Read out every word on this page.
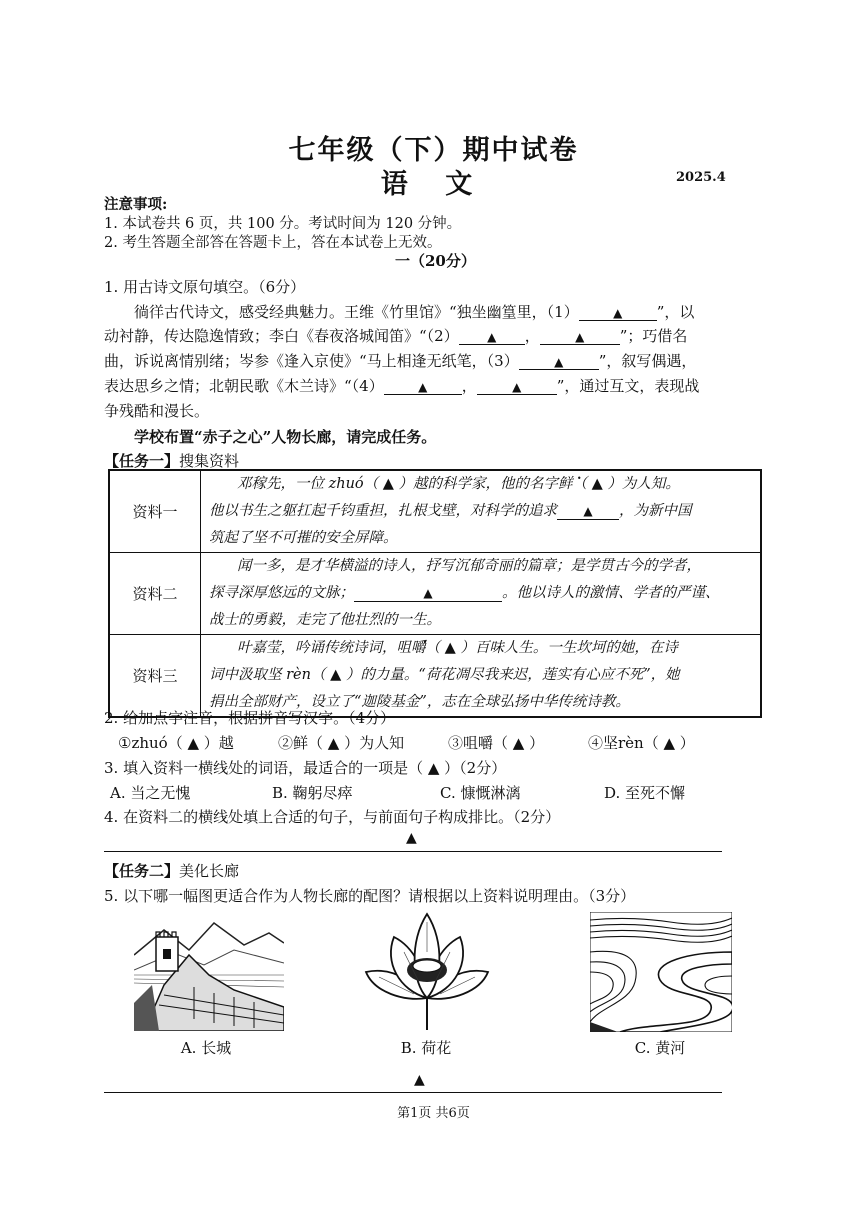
七年级（下）期中试卷
语 文	2025.4
注意事项:
1. 本试卷共 6 页，共 100 分。考试时间为 120 分钟。
2. 考生答题全部答在答题卡上，答在本试卷上无效。
一（20分）
1. 用古诗文原句填空。（6分）
徜徉古代诗文，感受经典魅力。王维《竹里馆》“独坐幽篁里，（1）	▲ ”，以
动衬静，传达隐逸情致；李白《春夜洛城闻笛》“（2） ▲ ，	▲ ”；巧借名
曲，诉说离情别绪；岑参《逢入京使》“马上相逢无纸笔，（3）	▲ ”，叙写偶遇，
表达思乡之情；北朝民歌《木兰诗》“（4）	▲ ，	▲ ”，通过互文，表现战
争残酷和漫长。
学校布置“赤子之心”人物长廊，请完成任务。
【任务一】搜集资料
资料一	邓稼先，一位 zhuó（ ▲ ）越的科学家，他的名字鲜（ ▲ ）为人知。
他以书生之躯扛起千钧重担，扎根戈壁，对科学的追求 ▲ ，为新中国
筑起了坚不可摧的安全屏障。

资料二	闻一多，是才华横溢的诗人，抒写沉郁奇丽的篇章；是学贯古今的学者，
探寻深厚悠远的文脉； ▲ 。他以诗人的激情、学者的严谨、
战士的勇毅，走完了他壮烈的一生。

资料三	叶嘉莹，吟诵传统诗词，咀嚼（ ▲ ）百味人生。一生坎坷的她，在诗
词中汲取坚 rèn（ ▲ ）的力量。“荷花凋尽我来迟，莲实有心应不死”，她
捐出全部财产，设立了“迦陵基金”，志在全球弘扬中华传统诗教。
2. 给加点字注音，根据拼音写汉字。（4分）
①zhuó（ ▲ ）越	②鲜（ ▲ ）为人知	③咀嚼（ ▲ ）	④坚rèn（ ▲ ）
3. 填入资料一横线处的词语，最适合的一项是（ ▲ ）（2分）
A. 当之无愧	B. 鞠躬尽瘁	C. 慷慨淋漓	D. 至死不懈
4. 在资料二的横线处填上合适的句子，与前面句子构成排比。（2分）
▲
【任务二】美化长廊
5. 以下哪一幅图更适合作为人物长廊的配图？请根据以上资料说明理由。（3分）
A. 长城	B. 荷花	C. 黄河
▲
第1页 共6页
